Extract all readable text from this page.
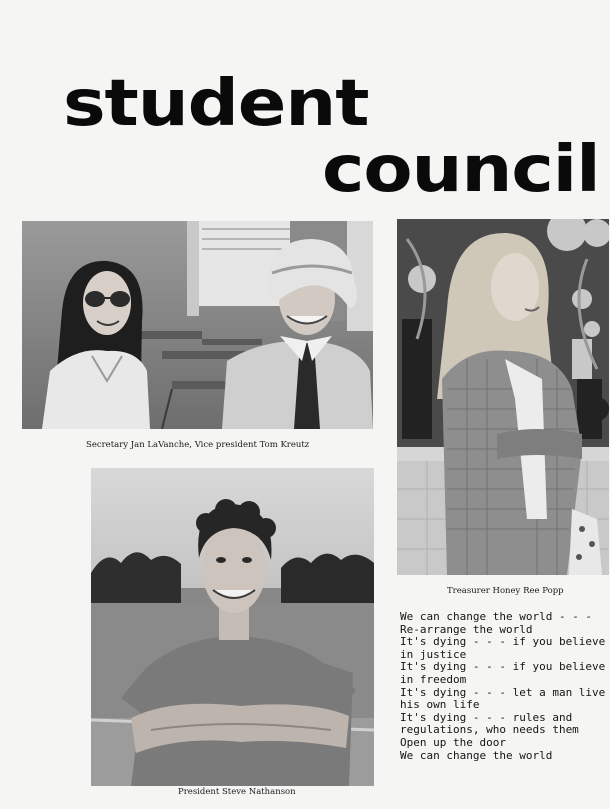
student
council
Secretary Jan LaVanche, Vice president Tom Kreutz
Treasurer Honey Ree Popp
President Steve Nathanson
We can change the world - - -
Re-arrange the world
It's dying - - - if you believe
in justice
It's dying - - - if you believe
in freedom
It's dying - - - let a man live
his own life
It's dying - - - rules and
regulations, who needs them
Open up the door
We can change the world
